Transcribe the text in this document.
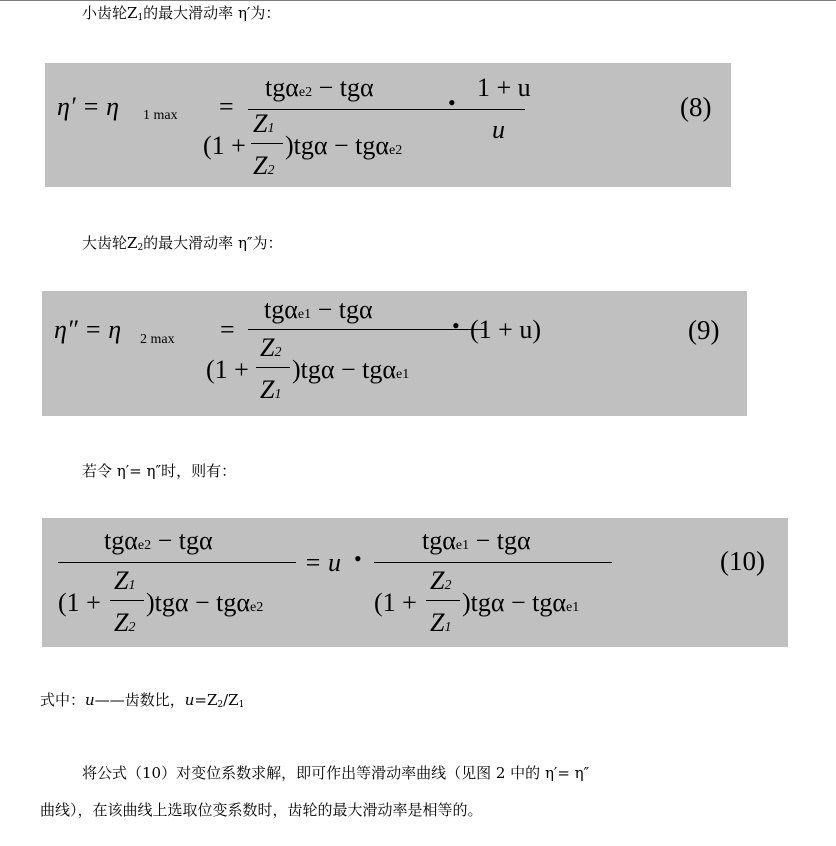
小齿轮$Z_1$的最大滑动率 η′为：
η′ = η 1 max =
tgαe2 − tgα
(1 +
Z1
Z2
)tgα − tgαe2
•
1 + u
u
(8)
大齿轮$Z_2$的最大滑动率 η″为：
η″ = η 2 max =
tgαe1 − tgα
(1 +
Z2
Z1
)tgα − tgαe1
• (1 + u)	(9)
若令 η′= η″时，则有：
tgαe2 − tgα
(1 +
Z1
Z2
)tgα − tgαe2
= u •
tgαe1 − tgα
(1 +
Z2
Z1
)tgα − tgαe1
(10)
式中：u——齿数比，$u=Z_2/Z_1$
将公式（10）对变位系数求解，即可作出等滑动率曲线（见图 2 中的 η′= η″
曲线），在该曲线上选取位变系数时，齿轮的最大滑动率是相等的。
